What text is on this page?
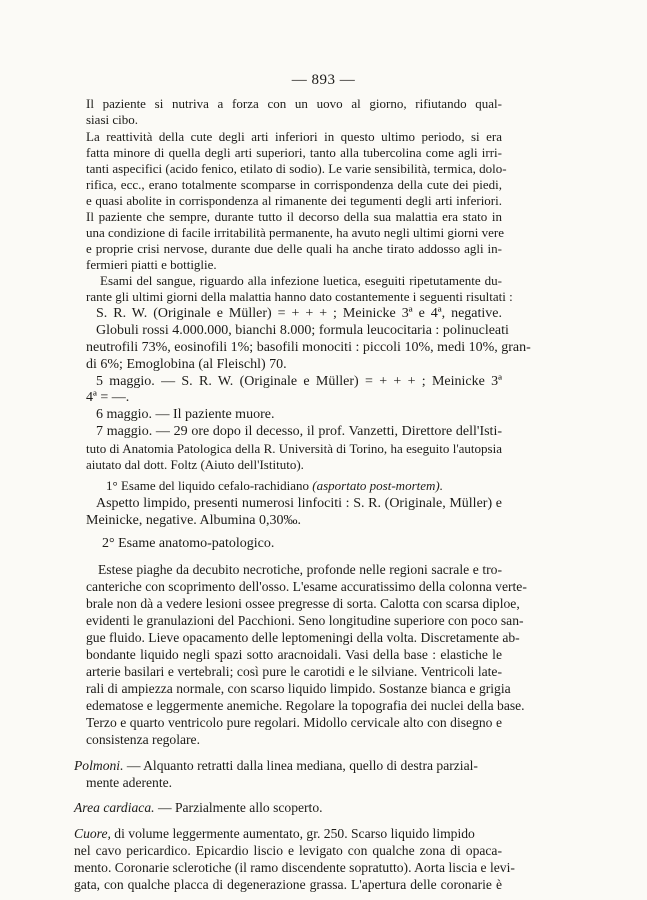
— 893 —
Il paziente si nutriva a forza con un uovo al giorno, rifiutando qual-
siasi cibo.
La reattività della cute degli arti inferiori in questo ultimo periodo, si era
fatta minore di quella degli arti superiori, tanto alla tubercolina come agli irri-
tanti aspecifici (acido fenico, etilato di sodio). Le varie sensibilità, termica, dolo-
rifica, ecc., erano totalmente scomparse in corrispondenza della cute dei piedi,
e quasi abolite in corrispondenza al rimanente dei tegumenti degli arti inferiori.
Il paziente che sempre, durante tutto il decorso della sua malattia era stato in
una condizione di facile irritabilità permanente, ha avuto negli ultimi giorni vere
e proprie crisi nervose, durante due delle quali ha anche tirato addosso agli in-
fermieri piatti e bottiglie.
Esami del sangue, riguardo alla infezione luetica, eseguiti ripetutamente du-
rante gli ultimi giorni della malattia hanno dato costantemente i seguenti risultati :
S. R. W. (Originale e Müller) = + + + ; Meinicke 3ª e 4ª, negative.
Globuli rossi 4.000.000, bianchi 8.000; formula leucocitaria : polinucleati
neutrofili 73%, eosinofili 1%; basofili monociti : piccoli 10%, medi 10%, gran-
di 6%; Emoglobina (al Fleischl) 70.
5 maggio. — S. R. W. (Originale e Müller) = + + + ; Meinicke 3ª
4ª = —.
6 maggio. — Il paziente muore.
7 maggio. — 29 ore dopo il decesso, il prof. Vanzetti, Direttore dell'Isti-
tuto di Anatomia Patologica della R. Università di Torino, ha eseguito l'autopsia
aiutato dal dott. Foltz (Aiuto dell'Istituto).
1° Esame del liquido cefalo-rachidiano (asportato post-mortem).
Aspetto limpido, presenti numerosi linfociti : S. R. (Originale, Müller) e
Meinicke, negative. Albumina 0,30‰.
2° Esame anatomo-patologico.
Estese piaghe da decubito necrotiche, profonde nelle regioni sacrale e tro-
canteriche con scoprimento dell'osso. L'esame accuratissimo della colonna verte-
brale non dà a vedere lesioni ossee pregresse di sorta. Calotta con scarsa diploe,
evidenti le granulazioni del Pacchioni. Seno longitudine superiore con poco san-
gue fluido. Lieve opacamento delle leptomeningi della volta. Discretamente ab-
bondante liquido negli spazi sotto aracnoidali. Vasi della base : elastiche le
arterie basilari e vertebrali; così pure le carotidi e le silviane. Ventricoli late-
rali di ampiezza normale, con scarso liquido limpido. Sostanze bianca e grigia
edematose e leggermente anemiche. Regolare la topografia dei nuclei della base.
Terzo e quarto ventricolo pure regolari. Midollo cervicale alto con disegno e
consistenza regolare.
Polmoni. — Alquanto retratti dalla linea mediana, quello di destra parzial-
mente aderente.
Area cardiaca. — Parzialmente allo scoperto.
Cuore, di volume leggermente aumentato, gr. 250. Scarso liquido limpido
nel cavo pericardico. Epicardio liscio e levigato con qualche zona di opaca-
mento. Coronarie sclerotiche (il ramo discendente sopratutto). Aorta liscia e levi-
gata, con qualche placca di degenerazione grassa. L'apertura delle coronarie è
